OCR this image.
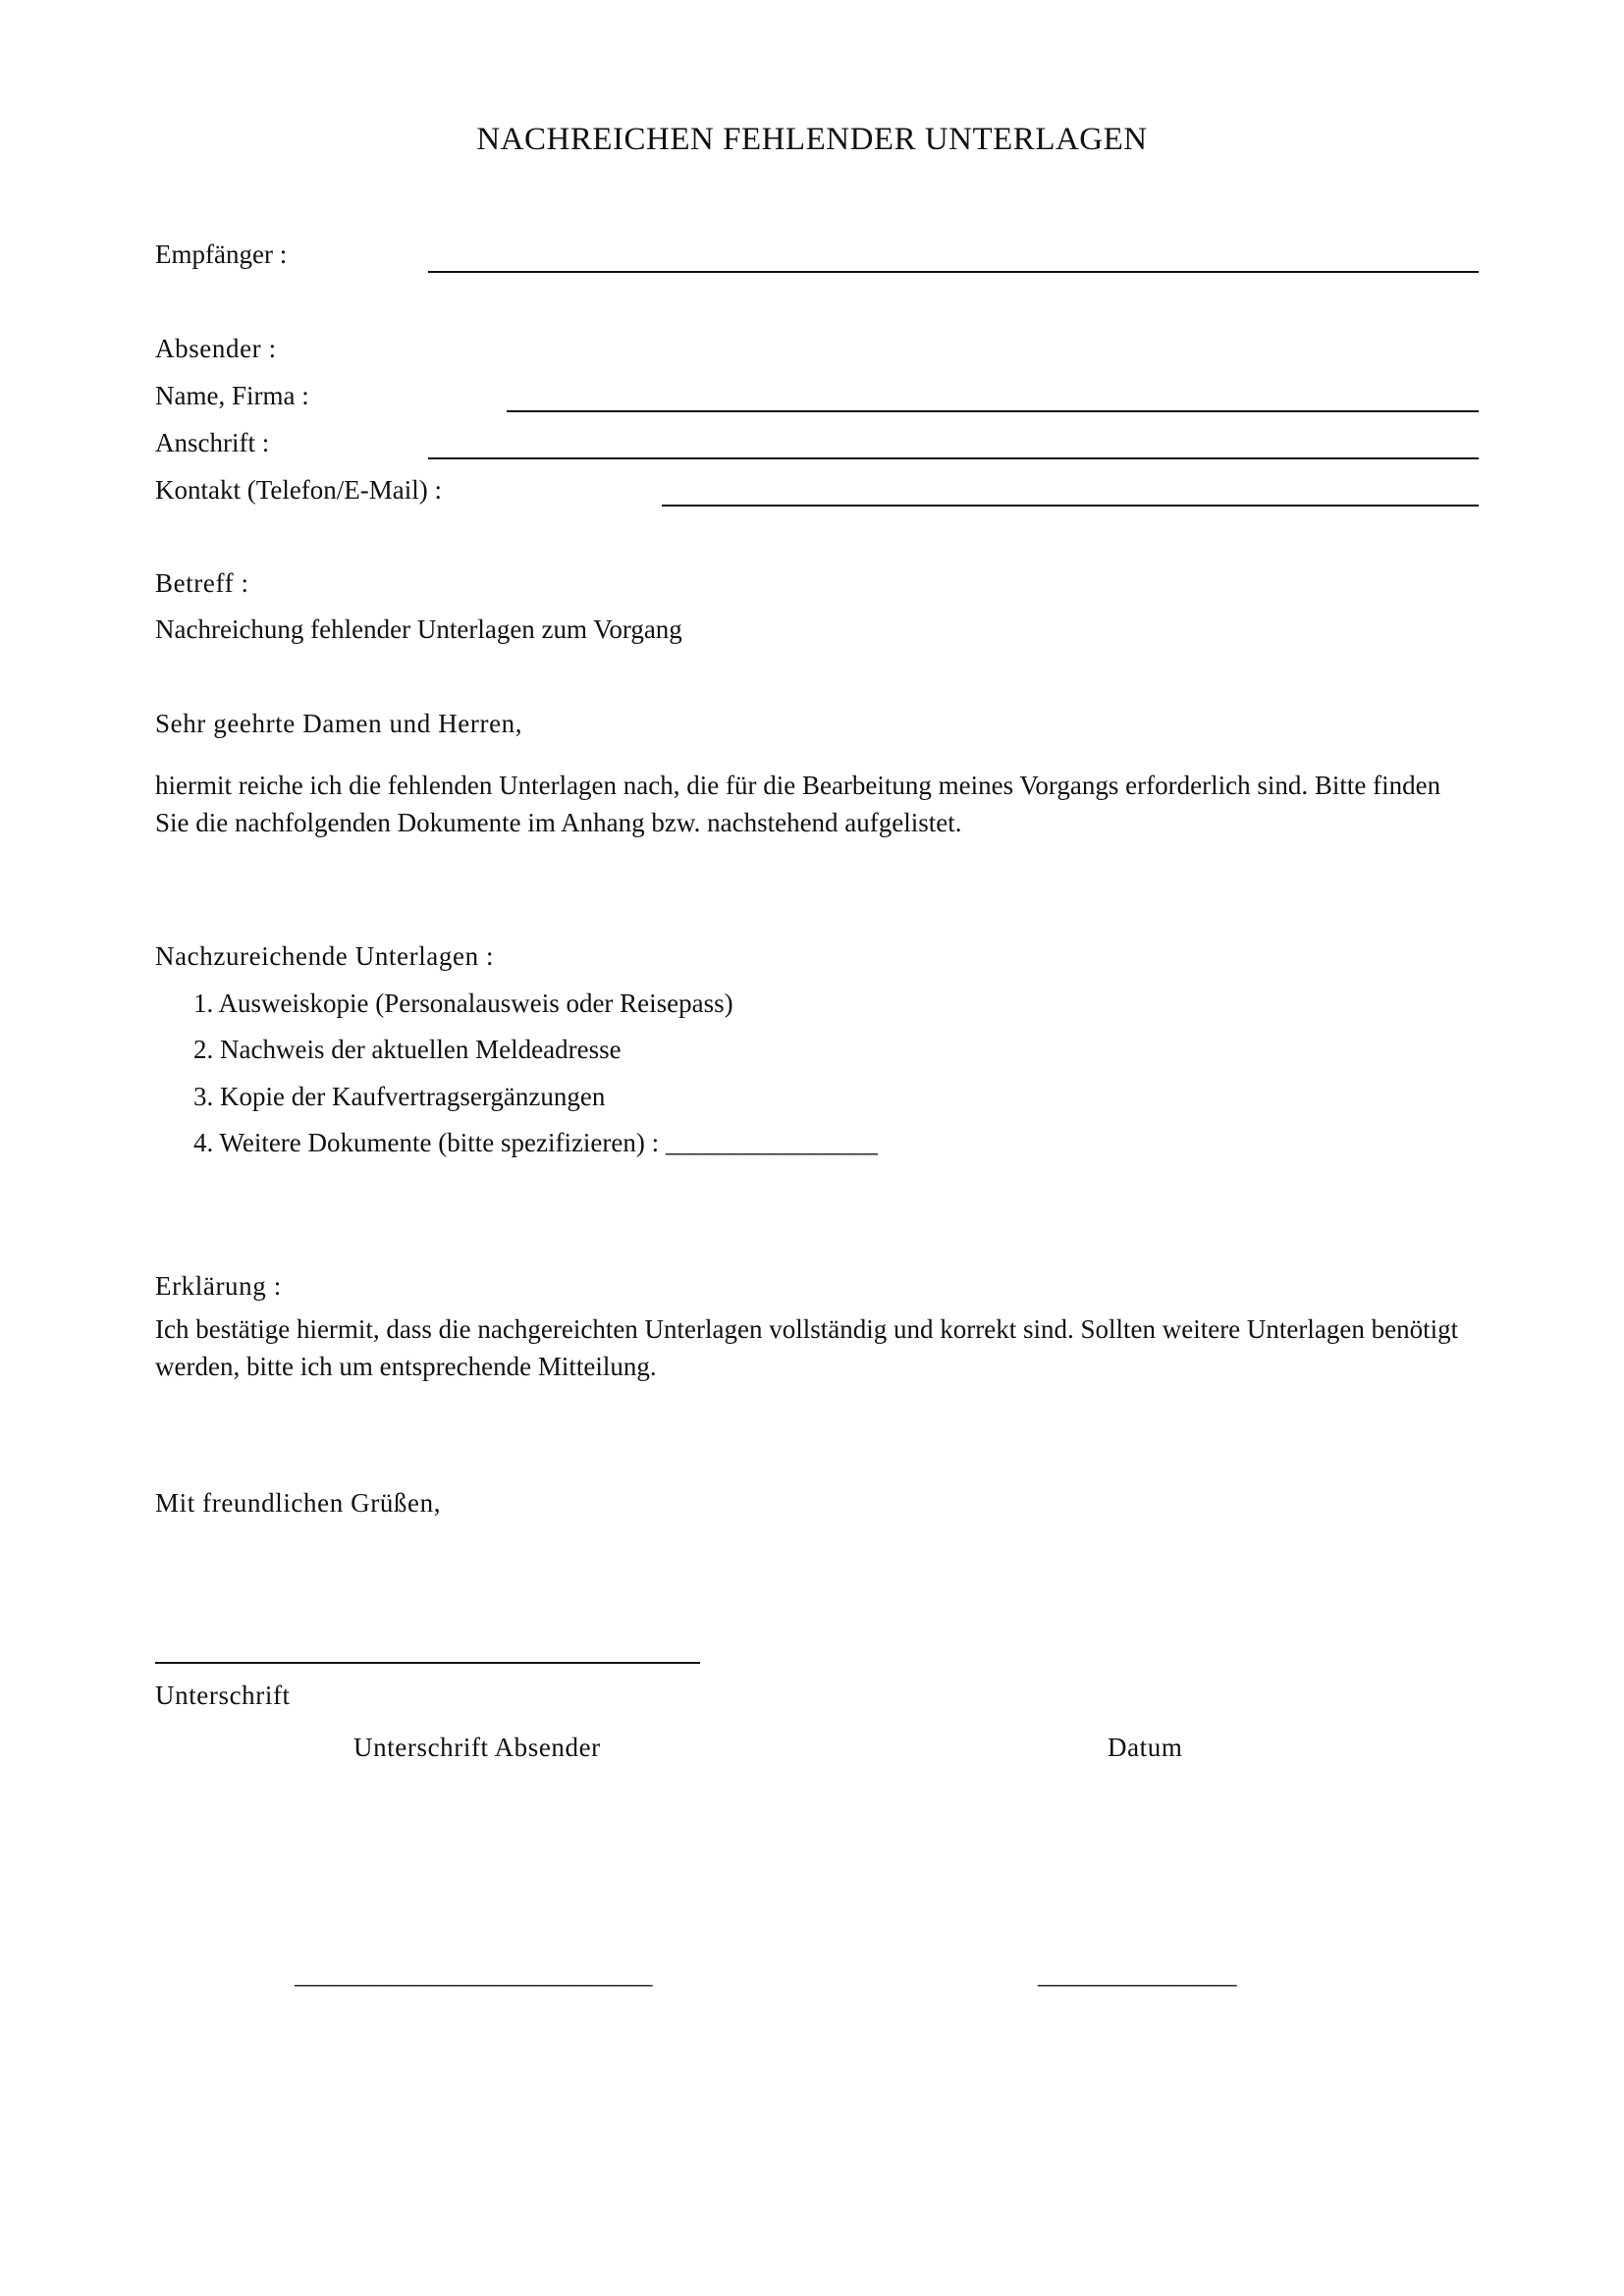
NACHREICHEN FEHLENDER UNTERLAGEN
Empfänger :
Absender :
Name, Firma :
Anschrift :
Kontakt (Telefon/E-Mail) :
Betreff :
Nachreichung fehlender Unterlagen zum Vorgang
Sehr geehrte Damen und Herren,
hiermit reiche ich die fehlenden Unterlagen nach, die für die Bearbeitung meines Vorgangs erforderlich sind. Bitte finden Sie die nachfolgenden Dokumente im Anhang bzw. nachstehend aufgelistet.
Nachzureichende Unterlagen :
1. Ausweiskopie (Personalausweis oder Reisepass)
2. Nachweis der aktuellen Meldeadresse
3. Kopie der Kaufvertragsergänzungen
4. Weitere Dokumente (bitte spezifizieren) : ________________
Erklärung :
Ich bestätige hiermit, dass die nachgereichten Unterlagen vollständig und korrekt sind. Sollten weitere Unterlagen benötigt werden, bitte ich um entsprechende Mitteilung.
Mit freundlichen Grüßen,
Unterschrift
Unterschrift Absender	Datum
___________________________	_______________
